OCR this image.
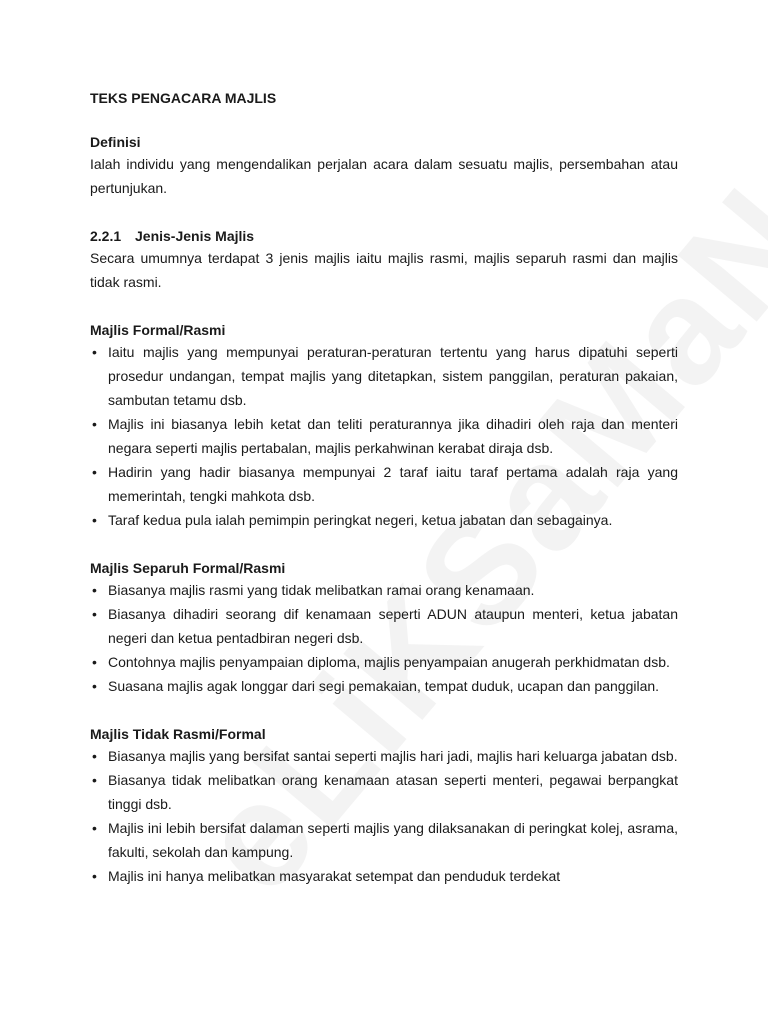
TEKS PENGACARA MAJLIS

Definisi

Ialah individu yang mengendalikan perjalan acara dalam sesuatu majlis, persembahan atau pertunjukan.

2.2.1 Jenis-Jenis Majlis

Secara umumnya terdapat 3 jenis majlis iaitu majlis rasmi, majlis separuh rasmi dan majlis tidak rasmi.

Majlis Formal/Rasmi

• Iaitu majlis yang mempunyai peraturan-peraturan tertentu yang harus dipatuhi seperti prosedur undangan, tempat majlis yang ditetapkan, sistem panggilan, peraturan pakaian, sambutan tetamu dsb.
• Majlis ini biasanya lebih ketat dan teliti peraturannya jika dihadiri oleh raja dan menteri negara seperti majlis pertabalan, majlis perkahwinan kerabat diraja dsb.
• Hadirin yang hadir biasanya mempunyai 2 taraf iaitu taraf pertama adalah raja yang memerintah, tengki mahkota dsb.
• Taraf kedua pula ialah pemimpin peringkat negeri, ketua jabatan dan sebagainya.

Majlis Separuh Formal/Rasmi

• Biasanya majlis rasmi yang tidak melibatkan ramai orang kenamaan.
• Biasanya dihadiri seorang dif kenamaan seperti ADUN ataupun menteri, ketua jabatan negeri dan ketua pentadbiran negeri dsb.
• Contohnya majlis penyampaian diploma, majlis penyampaian anugerah perkhidmatan dsb.
• Suasana majlis agak longgar dari segi pemakaian, tempat duduk, ucapan dan panggilan.

Majlis Tidak Rasmi/Formal

• Biasanya majlis yang bersifat santai seperti majlis hari jadi, majlis hari keluarga jabatan dsb.
• Biasanya tidak melibatkan orang kenamaan atasan seperti menteri, pegawai berpangkat tinggi dsb.
• Majlis ini lebih bersifat dalaman seperti majlis yang dilaksanakan di peringkat kolej, asrama, fakulti, sekolah dan kampung.
• Majlis ini hanya melibatkan masyarakat setempat dan penduduk terdekat
